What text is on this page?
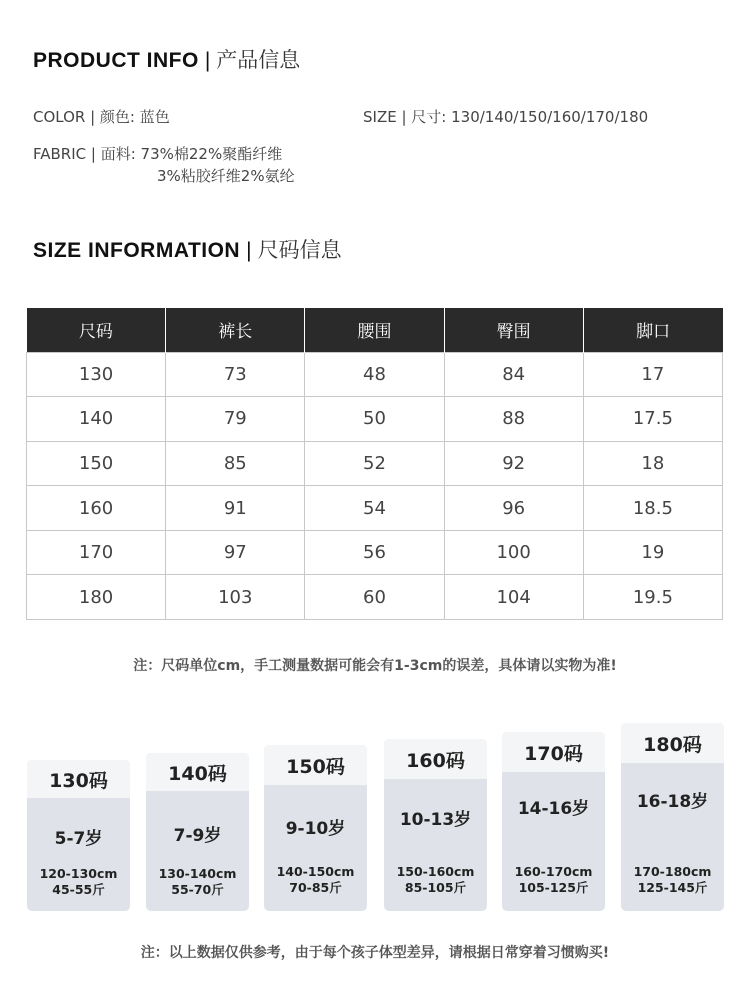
PRODUCT INFO | 产品信息
COLOR | 颜色: 蓝色	SIZE | 尺寸: 130/140/150/160/170/180
FABRIC | 面料: 73%棉22%聚酯纤维
3%粘胶纤维2%氨纶
SIZE INFORMATION | 尺码信息
尺码	裤长	腰围	臀围	脚口
130	73	48	84	17
140	79	50	88	17.5
150	85	52	92	18
160	91	54	96	18.5
170	97	56	100	19
180	103	60	104	19.5
注：尺码单位cm，手工测量数据可能会有1-3cm的误差，具体请以实物为准!
130码
5-7岁
120-130cm
45-55斤
140码
7-9岁
130-140cm
55-70斤
150码
9-10岁
140-150cm
70-85斤
160码
10-13岁
150-160cm
85-105斤
170码
14-16岁
160-170cm
105-125斤
180码
16-18岁
170-180cm
125-145斤
注：以上数据仅供参考，由于每个孩子体型差异，请根据日常穿着习惯购买!
